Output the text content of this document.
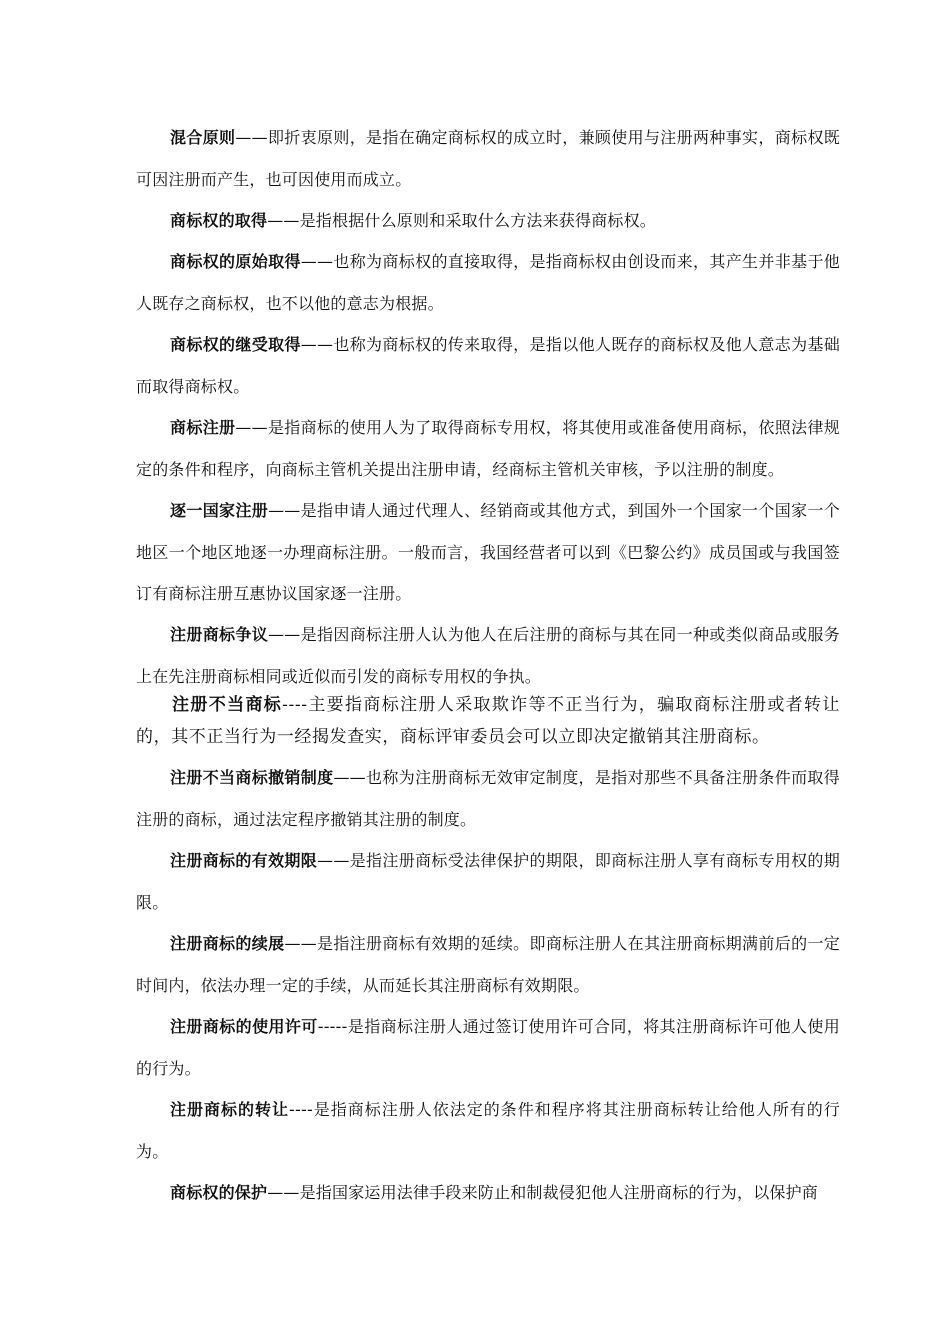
混合原则——即折衷原则，是指在确定商标权的成立时，兼顾使用与注册两种事实，商标权既可因注册而产生，也可因使用而成立。

商标权的取得——是指根据什么原则和采取什么方法来获得商标权。

商标权的原始取得——也称为商标权的直接取得，是指商标权由创设而来，其产生并非基于他人既存之商标权，也不以他的意志为根据。

商标权的继受取得——也称为商标权的传来取得，是指以他人既存的商标权及他人意志为基础而取得商标权。

商标注册——是指商标的使用人为了取得商标专用权，将其使用或准备使用商标，依照法律规定的条件和程序，向商标主管机关提出注册申请，经商标主管机关审核，予以注册的制度。

逐一国家注册——是指申请人通过代理人、经销商或其他方式，到国外一个国家一个国家一个地区一个地区地逐一办理商标注册。一般而言，我国经营者可以到《巴黎公约》成员国或与我国签订有商标注册互惠协议国家逐一注册。

注册商标争议——是指因商标注册人认为他人在后注册的商标与其在同一种或类似商品或服务上在先注册商标相同或近似而引发的商标专用权的争执。

注册不当商标----主要指商标注册人采取欺诈等不正当行为，骗取商标注册或者转让的，其不正当行为一经揭发查实，商标评审委员会可以立即决定撤销其注册商标。

注册不当商标撤销制度——也称为注册商标无效审定制度，是指对那些不具备注册条件而取得 注册的商标，通过法定程序撤销其注册的制度。

注册商标的有效期限——是指注册商标受法律保护的期限，即商标注册人享有商标专用权的期限。

注册商标的续展——是指注册商标有效期的延续。即商标注册人在其注册商标期满前后的一定时间内，依法办理一定的手续，从而延长其注册商标有效期限。

注册商标的使用许可-----是指商标注册人通过签订使用许可合同，将其注册商标许可他人使用的行为。

注册商标的转让----是指商标注册人依法定的条件和程序将其注册商标转让给他人所有的行为。

商标权的保护——是指国家运用法律手段来防止和制裁侵犯他人注册商标的行为，以保护商
